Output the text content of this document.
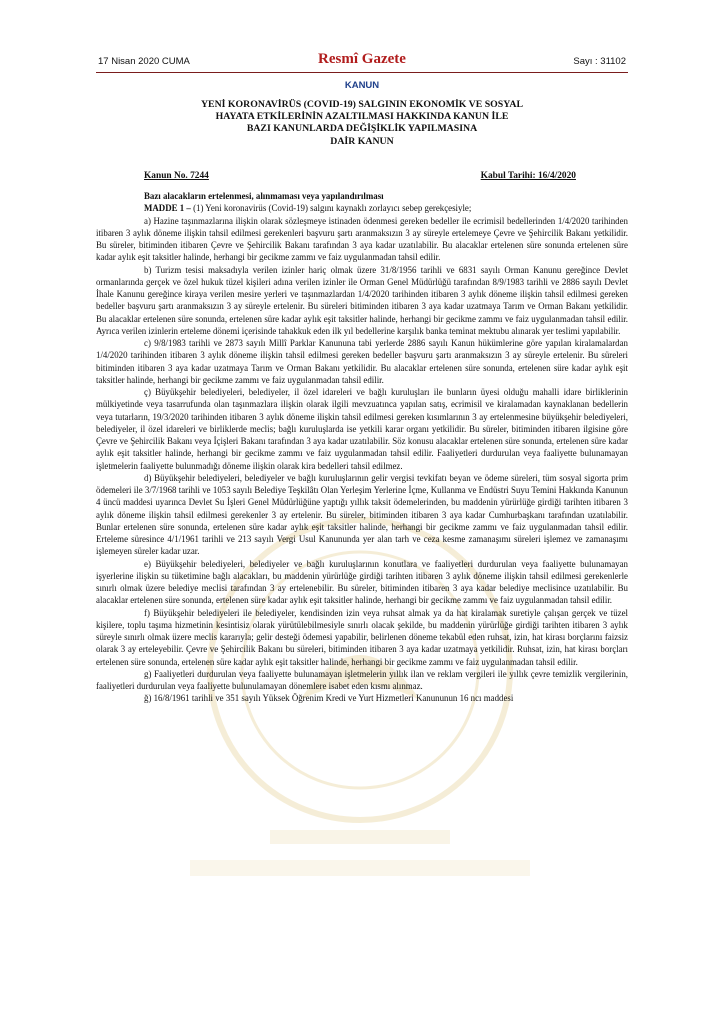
17 Nisan 2020 CUMA	Resmî Gazete	Sayı : 31102
KANUN
YENİ KORONAVİRÜS (COVID-19) SALGININ EKONOMİK VE SOSYAL
HAYATA ETKİLERİNİN AZALTILMASI HAKKINDA KANUN İLE
BAZI KANUNLARDA DEĞİŞİKLİK YAPILMASINA
DAİR KANUN
Kanun No. 7244	Kabul Tarihi: 16/4/2020

Bazı alacakların ertelenmesi, alınmaması veya yapılandırılması

MADDE 1 – (1) Yeni koronavirüs (Covid-19) salgını kaynaklı zorlayıcı sebep gerekçesiyle;

a) Hazine taşınmazlarına ilişkin olarak sözleşmeye istinaden ödenmesi gereken bedeller ile ecrimisil bedellerinden 1/4/2020 tarihinden itibaren 3 aylık döneme ilişkin tahsil edilmesi gerekenleri başvuru şartı aranmaksızın 3 ay süreyle ertelemeye Çevre ve Şehircilik Bakanı yetkilidir. Bu süreler, bitiminden itibaren Çevre ve Şehircilik Bakanı tarafından 3 aya kadar uzatılabilir. Bu alacaklar ertelenen süre sonunda ertelenen süre kadar aylık eşit taksitler halinde, herhangi bir gecikme zammı ve faiz uygulanmadan tahsil edilir.

b) Turizm tesisi maksadıyla verilen izinler hariç olmak üzere 31/8/1956 tarihli ve 6831 sayılı Orman Kanunu gereğince Devlet ormanlarında gerçek ve özel hukuk tüzel kişileri adına verilen izinler ile Orman Genel Müdürlüğü tarafından 8/9/1983 tarihli ve 2886 sayılı Devlet İhale Kanunu gereğince kiraya verilen mesire yerleri ve taşınmazlardan 1/4/2020 tarihinden itibaren 3 aylık döneme ilişkin tahsil edilmesi gereken bedeller başvuru şartı aranmaksızın 3 ay süreyle ertelenir. Bu süreleri bitiminden itibaren 3 aya kadar uzatmaya Tarım ve Orman Bakanı yetkilidir. Bu alacaklar ertelenen süre sonunda, ertelenen süre kadar aylık eşit taksitler halinde, herhangi bir gecikme zammı ve faiz uygulanmadan tahsil edilir. Ayrıca verilen izinlerin erteleme dönemi içerisinde tahakkuk eden ilk yıl bedellerine karşılık banka teminat mektubu alınarak yer teslimi yapılabilir.

c) 9/8/1983 tarihli ve 2873 sayılı Millî Parklar Kanununa tabi yerlerde 2886 sayılı Kanun hükümlerine göre yapılan kiralamalardan 1/4/2020 tarihinden itibaren 3 aylık döneme ilişkin tahsil edilmesi gereken bedeller başvuru şartı aranmaksızın 3 ay süreyle ertelenir. Bu süreleri bitiminden itibaren 3 aya kadar uzatmaya Tarım ve Orman Bakanı yetkilidir. Bu alacaklar ertelenen süre sonunda, ertelenen süre kadar aylık eşit taksitler halinde, herhangi bir gecikme zammı ve faiz uygulanmadan tahsil edilir.

ç) Büyükşehir belediyeleri, belediyeler, il özel idareleri ve bağlı kuruluşları ile bunların üyesi olduğu mahalli idare birliklerinin mülkiyetinde veya tasarrufunda olan taşınmazlara ilişkin olarak ilgili mevzuatınca yapılan satış, ecrimisil ve kiralamadan kaynaklanan bedellerin veya tutarların, 19/3/2020 tarihinden itibaren 3 aylık döneme ilişkin tahsil edilmesi gereken kısımlarının 3 ay ertelenmesine büyükşehir belediyeleri, belediyeler, il özel idareleri ve birliklerde meclis; bağlı kuruluşlarda ise yetkili karar organı yetkilidir. Bu süreler, bitiminden itibaren ilgisine göre Çevre ve Şehircilik Bakanı veya İçişleri Bakanı tarafından 3 aya kadar uzatılabilir. Söz konusu alacaklar ertelenen süre sonunda, ertelenen süre kadar aylık eşit taksitler halinde, herhangi bir gecikme zammı ve faiz uygulanmadan tahsil edilir. Faaliyetleri durdurulan veya faaliyette bulunamayan işletmelerin faaliyette bulunmadığı döneme ilişkin olarak kira bedelleri tahsil edilmez.

d) Büyükşehir belediyeleri, belediyeler ve bağlı kuruluşlarının gelir vergisi tevkifatı beyan ve ödeme süreleri, tüm sosyal sigorta prim ödemeleri ile 3/7/1968 tarihli ve 1053 sayılı Belediye Teşkilâtı Olan Yerleşim Yerlerine İçme, Kullanma ve Endüstri Suyu Temini Hakkında Kanunun 4 üncü maddesi uyarınca Devlet Su İşleri Genel Müdürlüğüne yaptığı yıllık taksit ödemelerinden, bu maddenin yürürlüğe girdiği tarihten itibaren 3 aylık döneme ilişkin tahsil edilmesi gerekenler 3 ay ertelenir. Bu süreler, bitiminden itibaren 3 aya kadar Cumhurbaşkanı tarafından uzatılabilir. Bunlar ertelenen süre sonunda, ertelenen süre kadar aylık eşit taksitler halinde, herhangi bir gecikme zammı ve faiz uygulanmadan tahsil edilir. Erteleme süresince 4/1/1961 tarihli ve 213 sayılı Vergi Usul Kanununda yer alan tarh ve ceza kesme zamanaşımı süreleri işlemez ve zamanaşımı işlemeyen süreler kadar uzar.

e) Büyükşehir belediyeleri, belediyeler ve bağlı kuruluşlarının konutlara ve faaliyetleri durdurulan veya faaliyette bulunamayan işyerlerine ilişkin su tüketimine bağlı alacakları, bu maddenin yürürlüğe girdiği tarihten itibaren 3 aylık döneme ilişkin tahsil edilmesi gerekenlerle sınırlı olmak üzere belediye meclisi tarafından 3 ay ertelenebilir. Bu süreler, bitiminden itibaren 3 aya kadar belediye meclisince uzatılabilir. Bu alacaklar ertelenen süre sonunda, ertelenen süre kadar aylık eşit taksitler halinde, herhangi bir gecikme zammı ve faiz uygulanmadan tahsil edilir.

f) Büyükşehir belediyeleri ile belediyeler, kendisinden izin veya ruhsat almak ya da hat kiralamak suretiyle çalışan gerçek ve tüzel kişilere, toplu taşıma hizmetinin kesintisiz olarak yürütülebilmesiyle sınırlı olacak şekilde, bu maddenin yürürlüğe girdiği tarihten itibaren 3 aylık süreyle sınırlı olmak üzere meclis kararıyla; gelir desteği ödemesi yapabilir, belirlenen döneme tekabül eden ruhsat, izin, hat kirası borçlarını faizsiz olarak 3 ay erteleyebilir. Çevre ve Şehircilik Bakanı bu süreleri, bitiminden itibaren 3 aya kadar uzatmaya yetkilidir. Ruhsat, izin, hat kirası borçları ertelenen süre sonunda, ertelenen süre kadar aylık eşit taksitler halinde, herhangi bir gecikme zammı ve faiz uygulanmadan tahsil edilir.

g) Faaliyetleri durdurulan veya faaliyette bulunamayan işletmelerin yıllık ilan ve reklam vergileri ile yıllık çevre temizlik vergilerinin, faaliyetleri durdurulan veya faaliyette bulunulamayan dönemlere isabet eden kısmı alınmaz.

ğ) 16/8/1961 tarihli ve 351 sayılı Yüksek Öğrenim Kredi ve Yurt Hizmetleri Kanununun 16 ncı maddesi
